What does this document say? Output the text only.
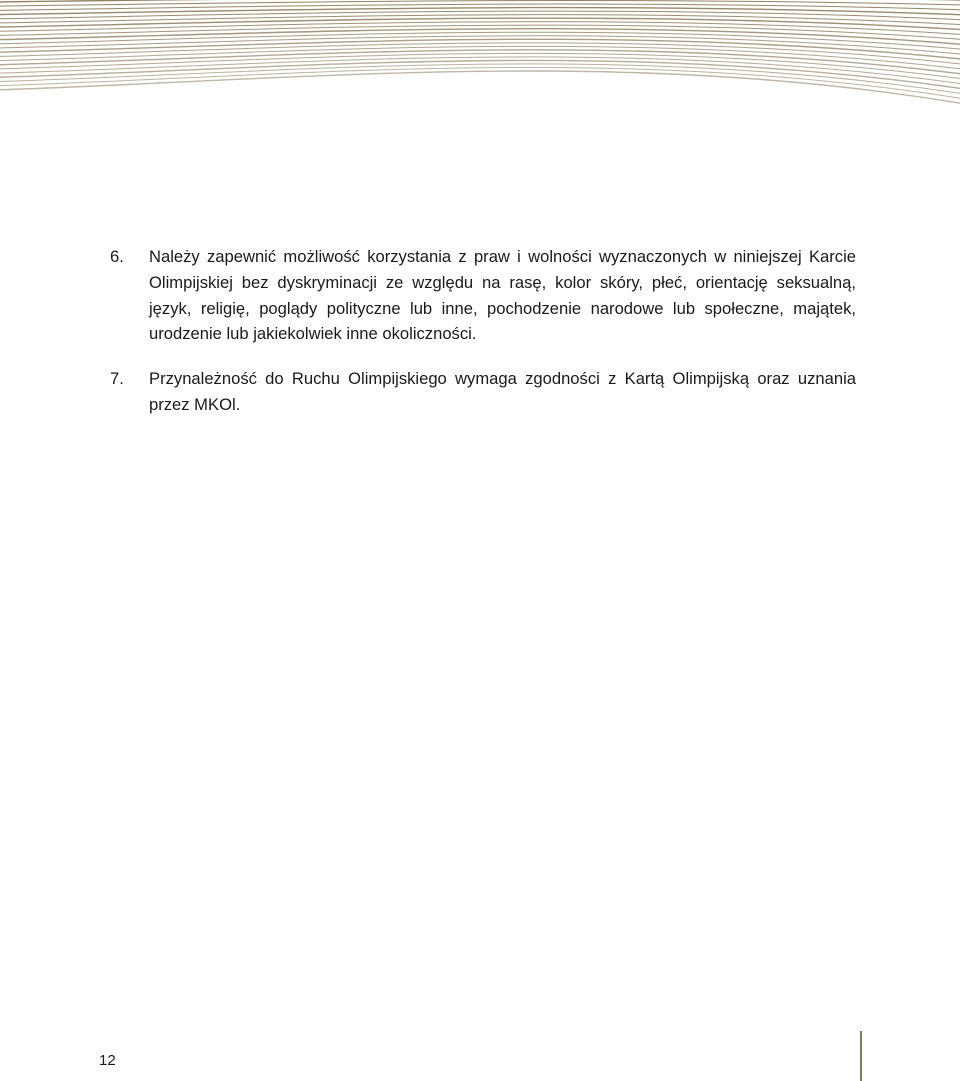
6.	Należy zapewnić możliwość korzystania z praw i wolności wyznaczonych w niniejszej Karcie Olimpijskiej bez dyskryminacji ze względu na rasę, kolor skóry, płeć, orientację seksualną, język, religię, poglądy polityczne lub inne, pochodzenie narodowe lub społeczne, majątek, urodzenie lub jakiekolwiek inne okoliczności.
7.	Przynależność do Ruchu Olimpijskiego wymaga zgodności z Kartą Olimpijską oraz uznania przez MKOl.
12
